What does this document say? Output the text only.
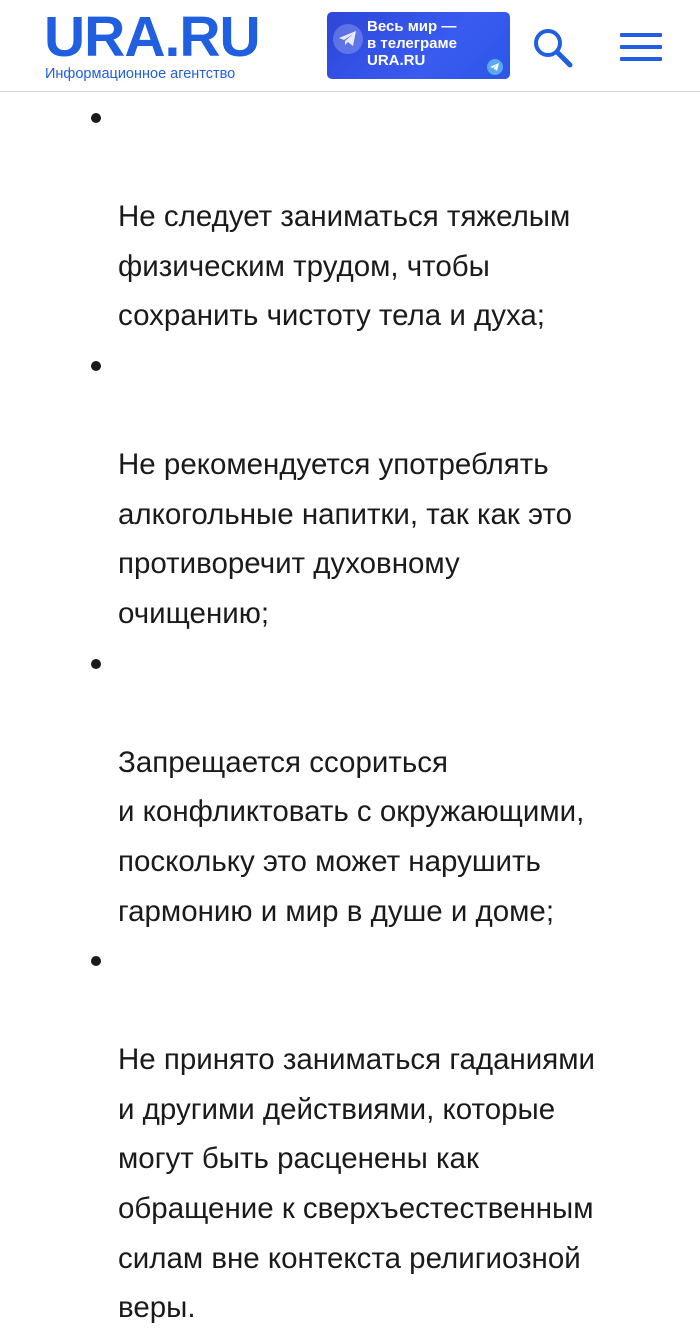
URA.RU
Информационное агентство
Весь мир —
в телеграме
URA.RU

Не следует заниматься тяжелым
физическим трудом, чтобы
сохранить чистоту тела и духа;

Не рекомендуется употреблять
алкогольные напитки, так как это
противоречит духовному
очищению;

Запрещается ссориться
и конфликтовать с окружающими,
поскольку это может нарушить
гармонию и мир в душе и доме;

Не принято заниматься гаданиями
и другими действиями, которые
могут быть расценены как
обращение к сверхъестественным
силам вне контекста религиозной
веры.
